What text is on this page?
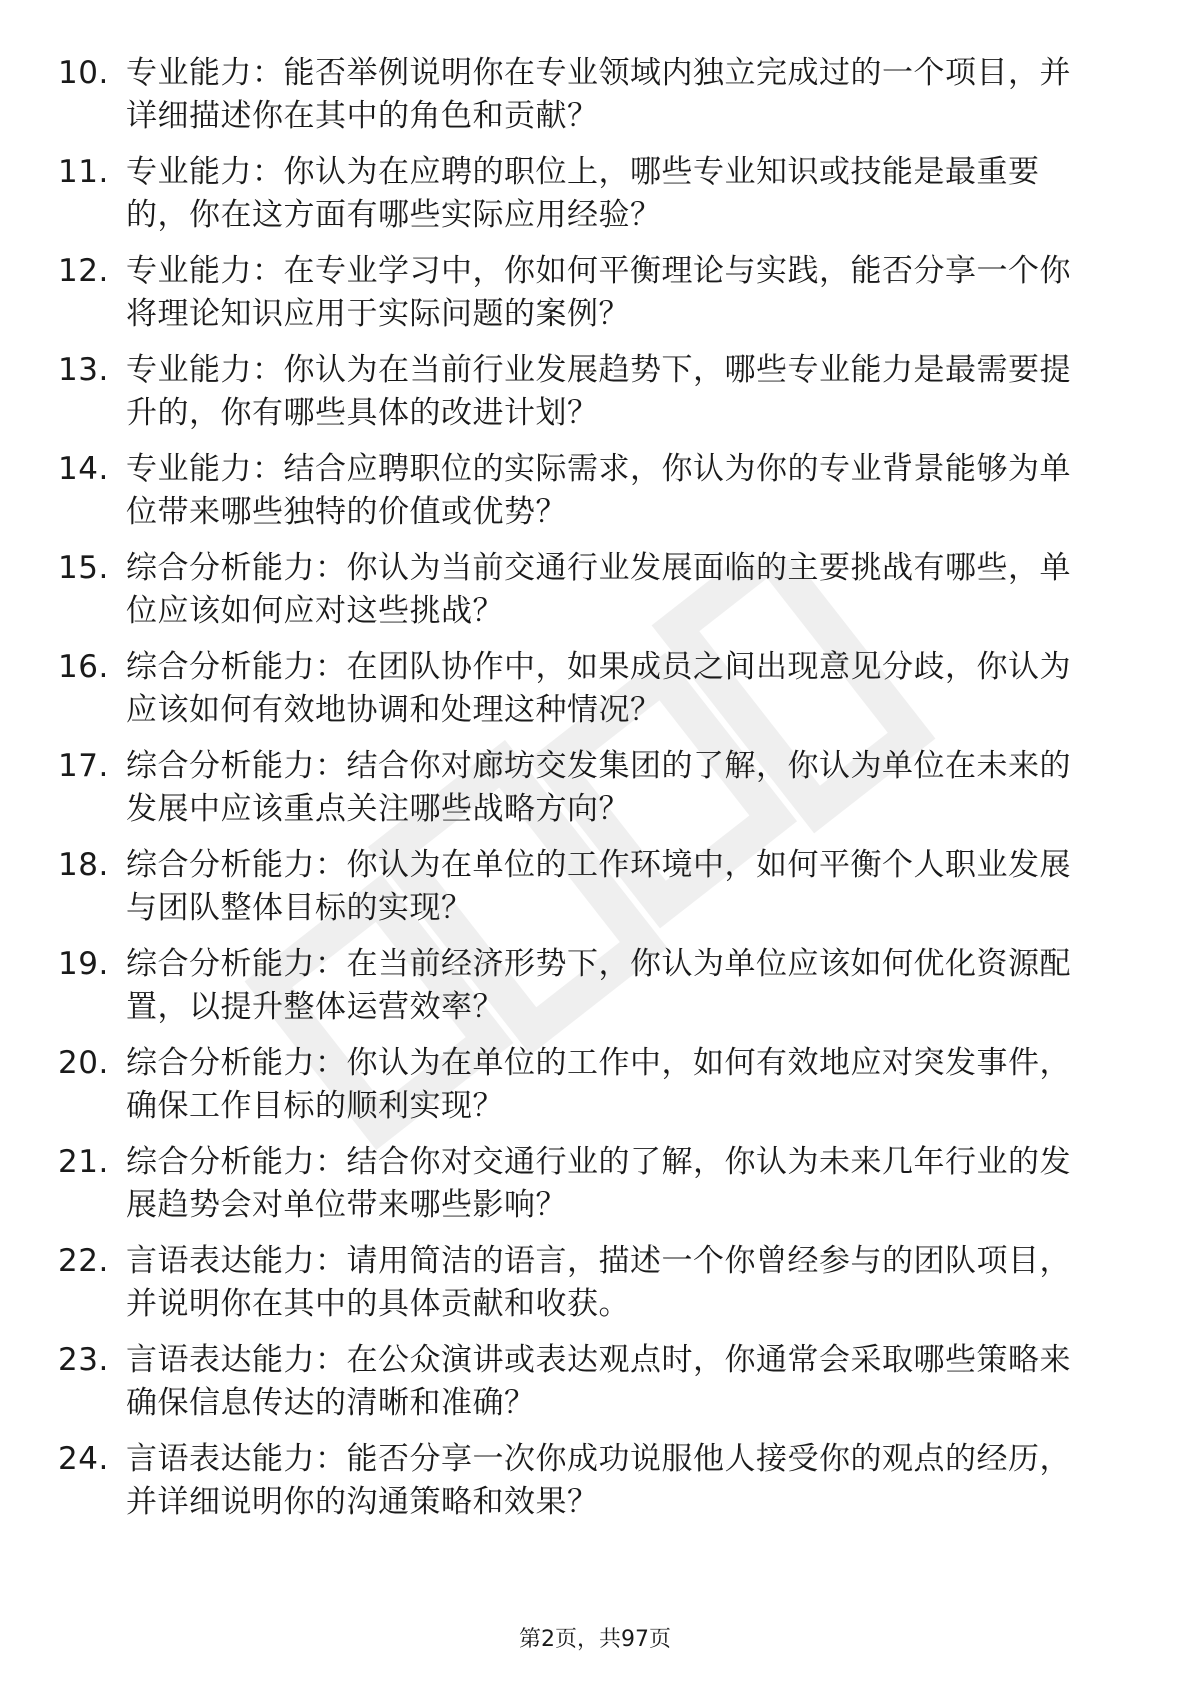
10. 专业能力：能否举例说明你在专业领域内独立完成过的一个项目，并详细描述你在其中的角色和贡献？
11. 专业能力：你认为在应聘的职位上，哪些专业知识或技能是最重要的，你在这方面有哪些实际应用经验？
12. 专业能力：在专业学习中，你如何平衡理论与实践，能否分享一个你将理论知识应用于实际问题的案例？
13. 专业能力：你认为在当前行业发展趋势下，哪些专业能力是最需要提升的，你有哪些具体的改进计划？
14. 专业能力：结合应聘职位的实际需求，你认为你的专业背景能够为单位带来哪些独特的价值或优势？
15. 综合分析能力：你认为当前交通行业发展面临的主要挑战有哪些，单位应该如何应对这些挑战？
16. 综合分析能力：在团队协作中，如果成员之间出现意见分歧，你认为应该如何有效地协调和处理这种情况？
17. 综合分析能力：结合你对廊坊交发集团的了解，你认为单位在未来的发展中应该重点关注哪些战略方向？
18. 综合分析能力：你认为在单位的工作环境中，如何平衡个人职业发展与团队整体目标的实现？
19. 综合分析能力：在当前经济形势下，你认为单位应该如何优化资源配置，以提升整体运营效率？
20. 综合分析能力：你认为在单位的工作中，如何有效地应对突发事件，确保工作目标的顺利实现？
21. 综合分析能力：结合你对交通行业的了解，你认为未来几年行业的发展趋势会对单位带来哪些影响？
22. 言语表达能力：请用简洁的语言，描述一个你曾经参与的团队项目，并说明你在其中的具体贡献和收获。
23. 言语表达能力：在公众演讲或表达观点时，你通常会采取哪些策略来确保信息传达的清晰和准确？
24. 言语表达能力：能否分享一次你成功说服他人接受你的观点的经历，并详细说明你的沟通策略和效果？
第2页，共97页
